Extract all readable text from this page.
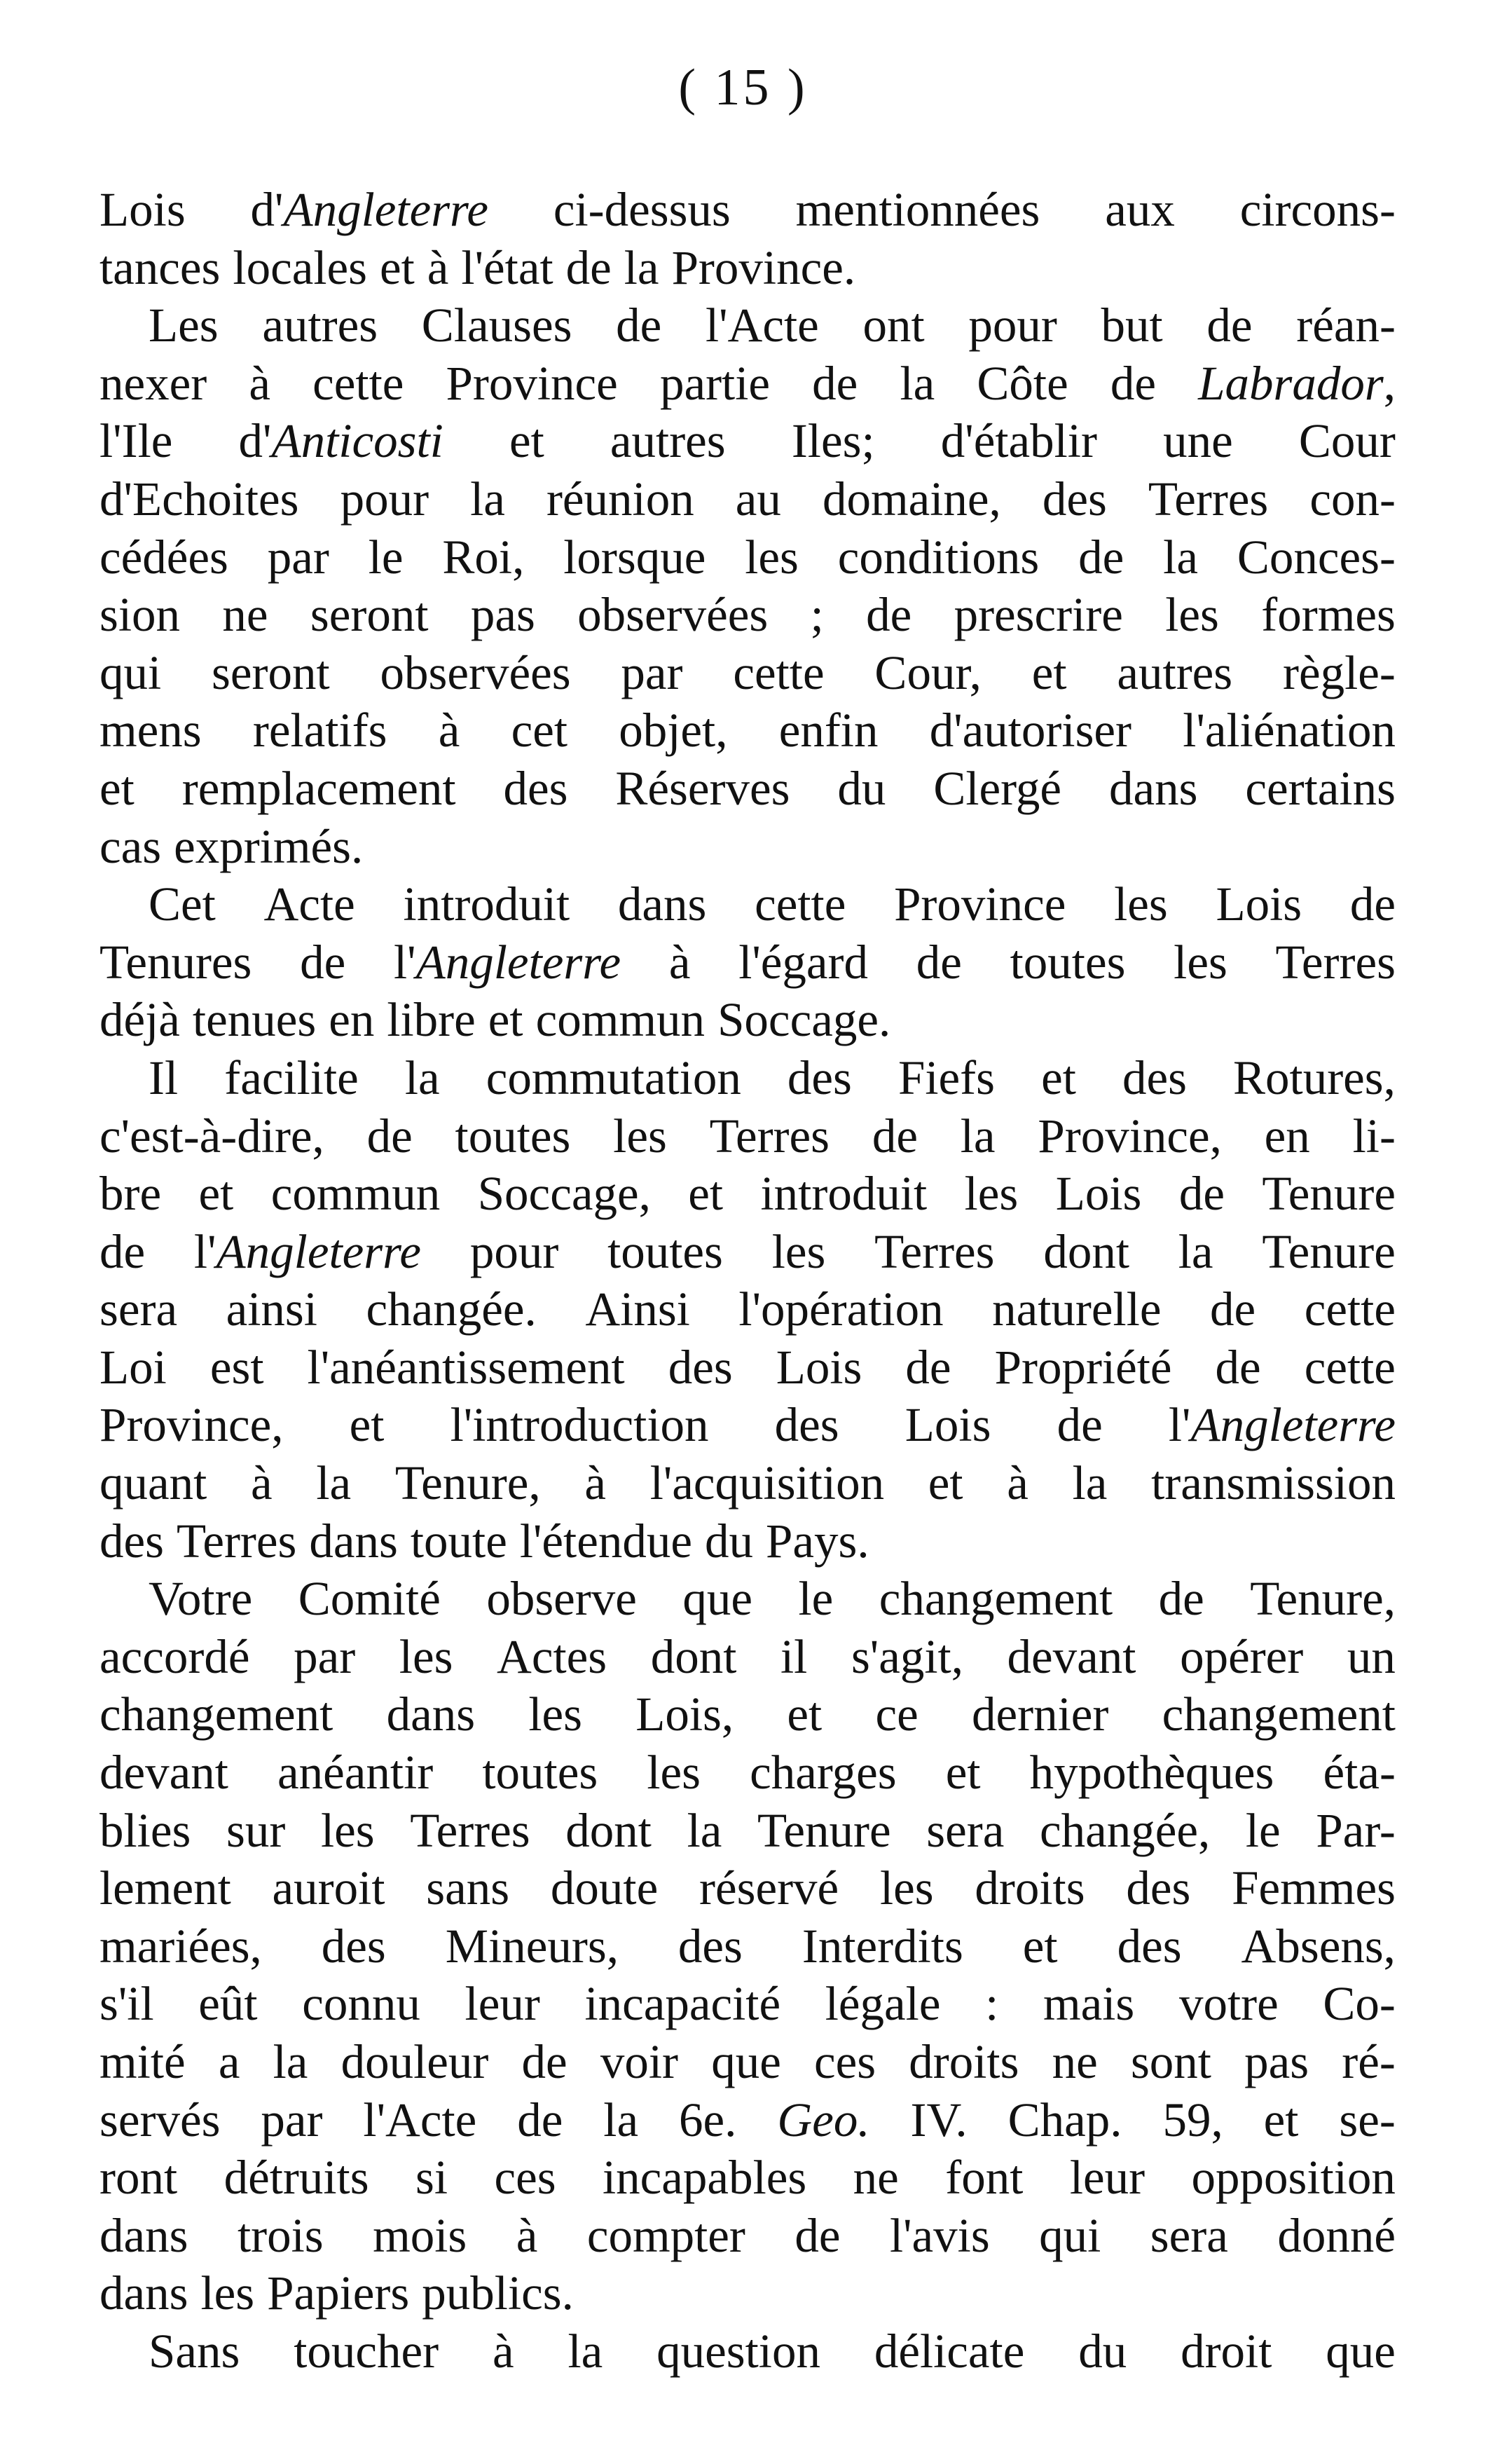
( 15 )
Lois d'Angleterre ci-dessus mentionnées aux circons-
tances locales et à l'état de la Province.
Les autres Clauses de l'Acte ont pour but de réan-
nexer à cette Province partie de la Côte de Labrador,
l'Ile d'Anticosti et autres Iles; d'établir une Cour
d'Echoites pour la réunion au domaine, des Terres con-
cédées par le Roi, lorsque les conditions de la Conces-
sion ne seront pas observées ; de prescrire les formes
qui seront observées par cette Cour, et autres règle-
mens relatifs à cet objet, enfin d'autoriser l'aliénation
et remplacement des Réserves du Clergé dans certains
cas exprimés.
Cet Acte introduit dans cette Province les Lois de
Tenures de l'Angleterre à l'égard de toutes les Terres
déjà tenues en libre et commun Soccage.
Il facilite la commutation des Fiefs et des Rotures,
c'est-à-dire, de toutes les Terres de la Province, en li-
bre et commun Soccage, et introduit les Lois de Tenure
de l'Angleterre pour toutes les Terres dont la Tenure
sera ainsi changée. Ainsi l'opération naturelle de cette
Loi est l'anéantissement des Lois de Propriété de cette
Province, et l'introduction des Lois de l'Angleterre
quant à la Tenure, à l'acquisition et à la transmission
des Terres dans toute l'étendue du Pays.
Votre Comité observe que le changement de Tenure,
accordé par les Actes dont il s'agit, devant opérer un
changement dans les Lois, et ce dernier changement
devant anéantir toutes les charges et hypothèques éta-
blies sur les Terres dont la Tenure sera changée, le Par-
lement auroit sans doute réservé les droits des Femmes
mariées, des Mineurs, des Interdits et des Absens,
s'il eût connu leur incapacité légale : mais votre Co-
mité a la douleur de voir que ces droits ne sont pas ré-
servés par l'Acte de la 6e. Geo. IV. Chap. 59, et se-
ront détruits si ces incapables ne font leur opposition
dans trois mois à compter de l'avis qui sera donné
dans les Papiers publics.
Sans toucher à la question délicate du droit que
